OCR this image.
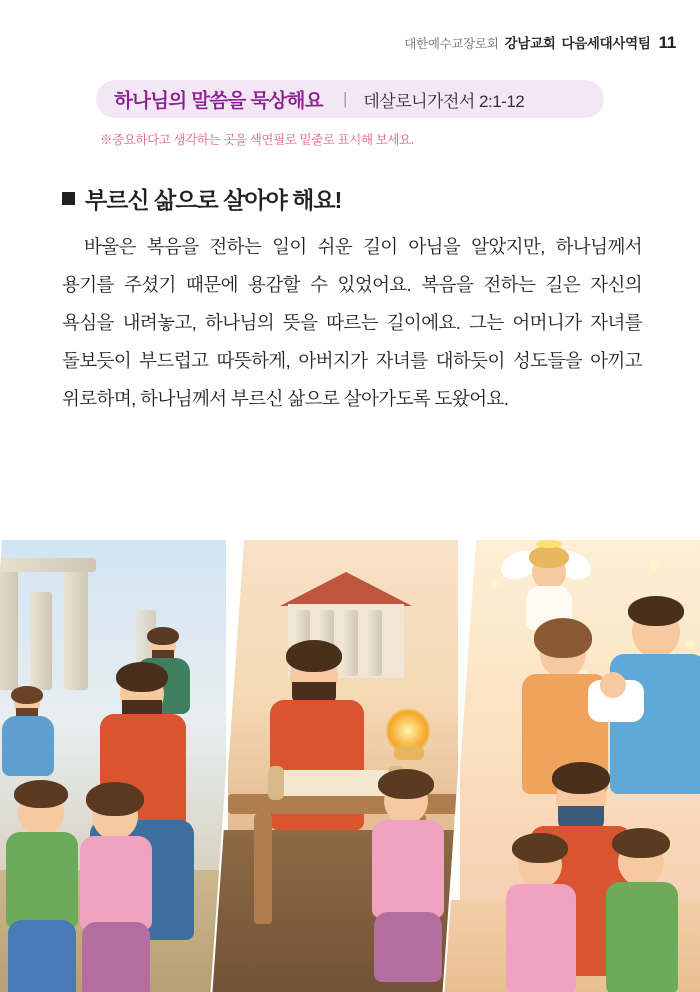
대한예수교장로회 강남교회 다음세대사역팀 11
하나님의 말씀을 묵상해요 | 데살로니가전서 2:1-12
※중요하다고 생각하는 곳을 색연필로 밑줄로 표시해 보세요.
부르신 삶으로 살아야 해요!
바울은 복음을 전하는 일이 쉬운 길이 아님을 알았지만, 하나님께서 용기를 주셨기 때문에 용감할 수 있었어요. 복음을 전하는 길은 자신의 욕심을 내려놓고, 하나님의 뜻을 따르는 길이에요. 그는 어머니가 자녀를 돌보듯이 부드럽고 따뜻하게, 아버지가 자녀를 대하듯이 성도들을 아끼고 위로하며, 하나님께서 부르신 삶으로 살아가도록 도왔어요.
